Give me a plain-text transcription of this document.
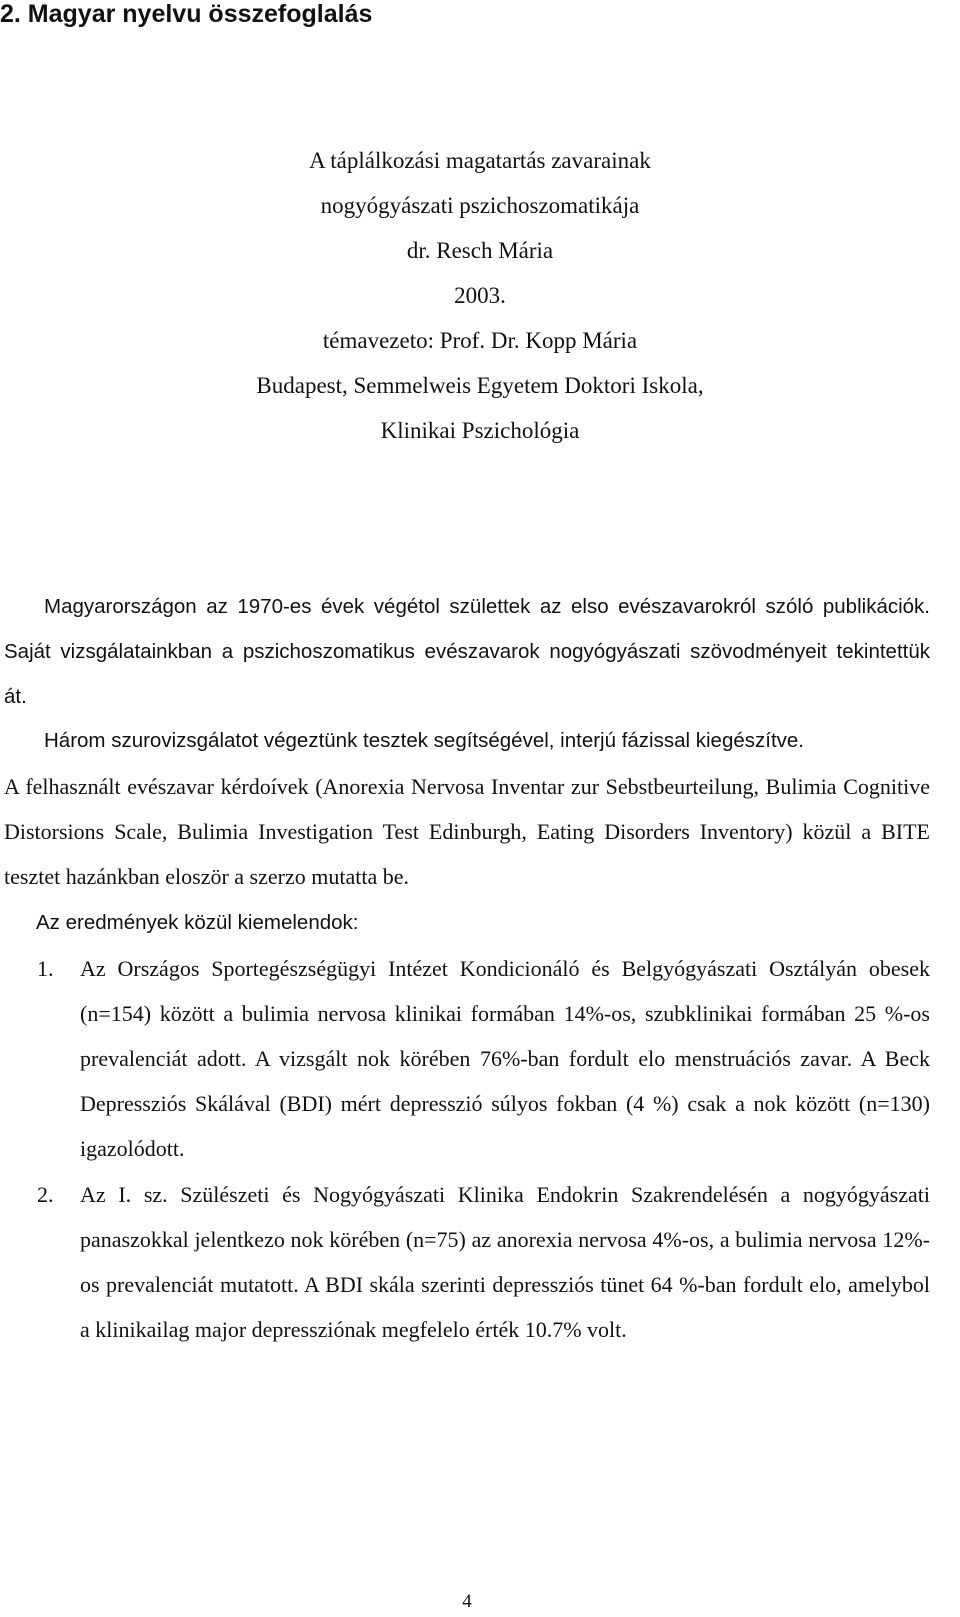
2. Magyar nyelvu összefoglalás
A táplálkozási magatartás zavarainak
nogyógyászati pszichoszomatikája
dr. Resch Mária
2003.
témavezeto: Prof. Dr. Kopp Mária
Budapest, Semmelweis Egyetem Doktori Iskola,
Klinikai Pszichológia

Magyarországon az 1970-es évek végétol születtek az elso evészavarokról szóló publikációk. Saját vizsgálatainkban a pszichoszomatikus evészavarok nogyógyászati szövodményeit tekintettük át.

Három szurovizsgálatot végeztünk tesztek segítségével, interjú fázissal kiegészítve.

A felhasznált evészavar kérdoívek (Anorexia Nervosa Inventar zur Sebstbeurteilung, Bulimia Cognitive Distorsions Scale, Bulimia Investigation Test Edinburgh, Eating Disorders Inventory) közül a BITE tesztet hazánkban eloször a szerzo mutatta be.

Az eredmények közül kiemelendok:

1. Az Országos Sportegészségügyi Intézet Kondicionáló és Belgyógyászati Osztályán obesek (n=154) között a bulimia nervosa klinikai formában 14%-os, szubklinikai formában 25 %-os prevalenciát adott. A vizsgált nok körében 76%-ban fordult elo menstruációs zavar. A Beck Depressziós Skálával (BDI) mért depresszió súlyos fokban (4 %) csak a nok között (n=130) igazolódott.
2. Az I. sz. Szülészeti és Nogyógyászati Klinika Endokrin Szakrendelésén a nogyógyászati panaszokkal jelentkezo nok körében (n=75) az anorexia nervosa 4%-os, a bulimia nervosa 12%-os prevalenciát mutatott. A BDI skála szerinti depressziós tünet 64 %-ban fordult elo, amelybol a klinikailag major depressziónak megfelelo érték 10.7% volt.
4
